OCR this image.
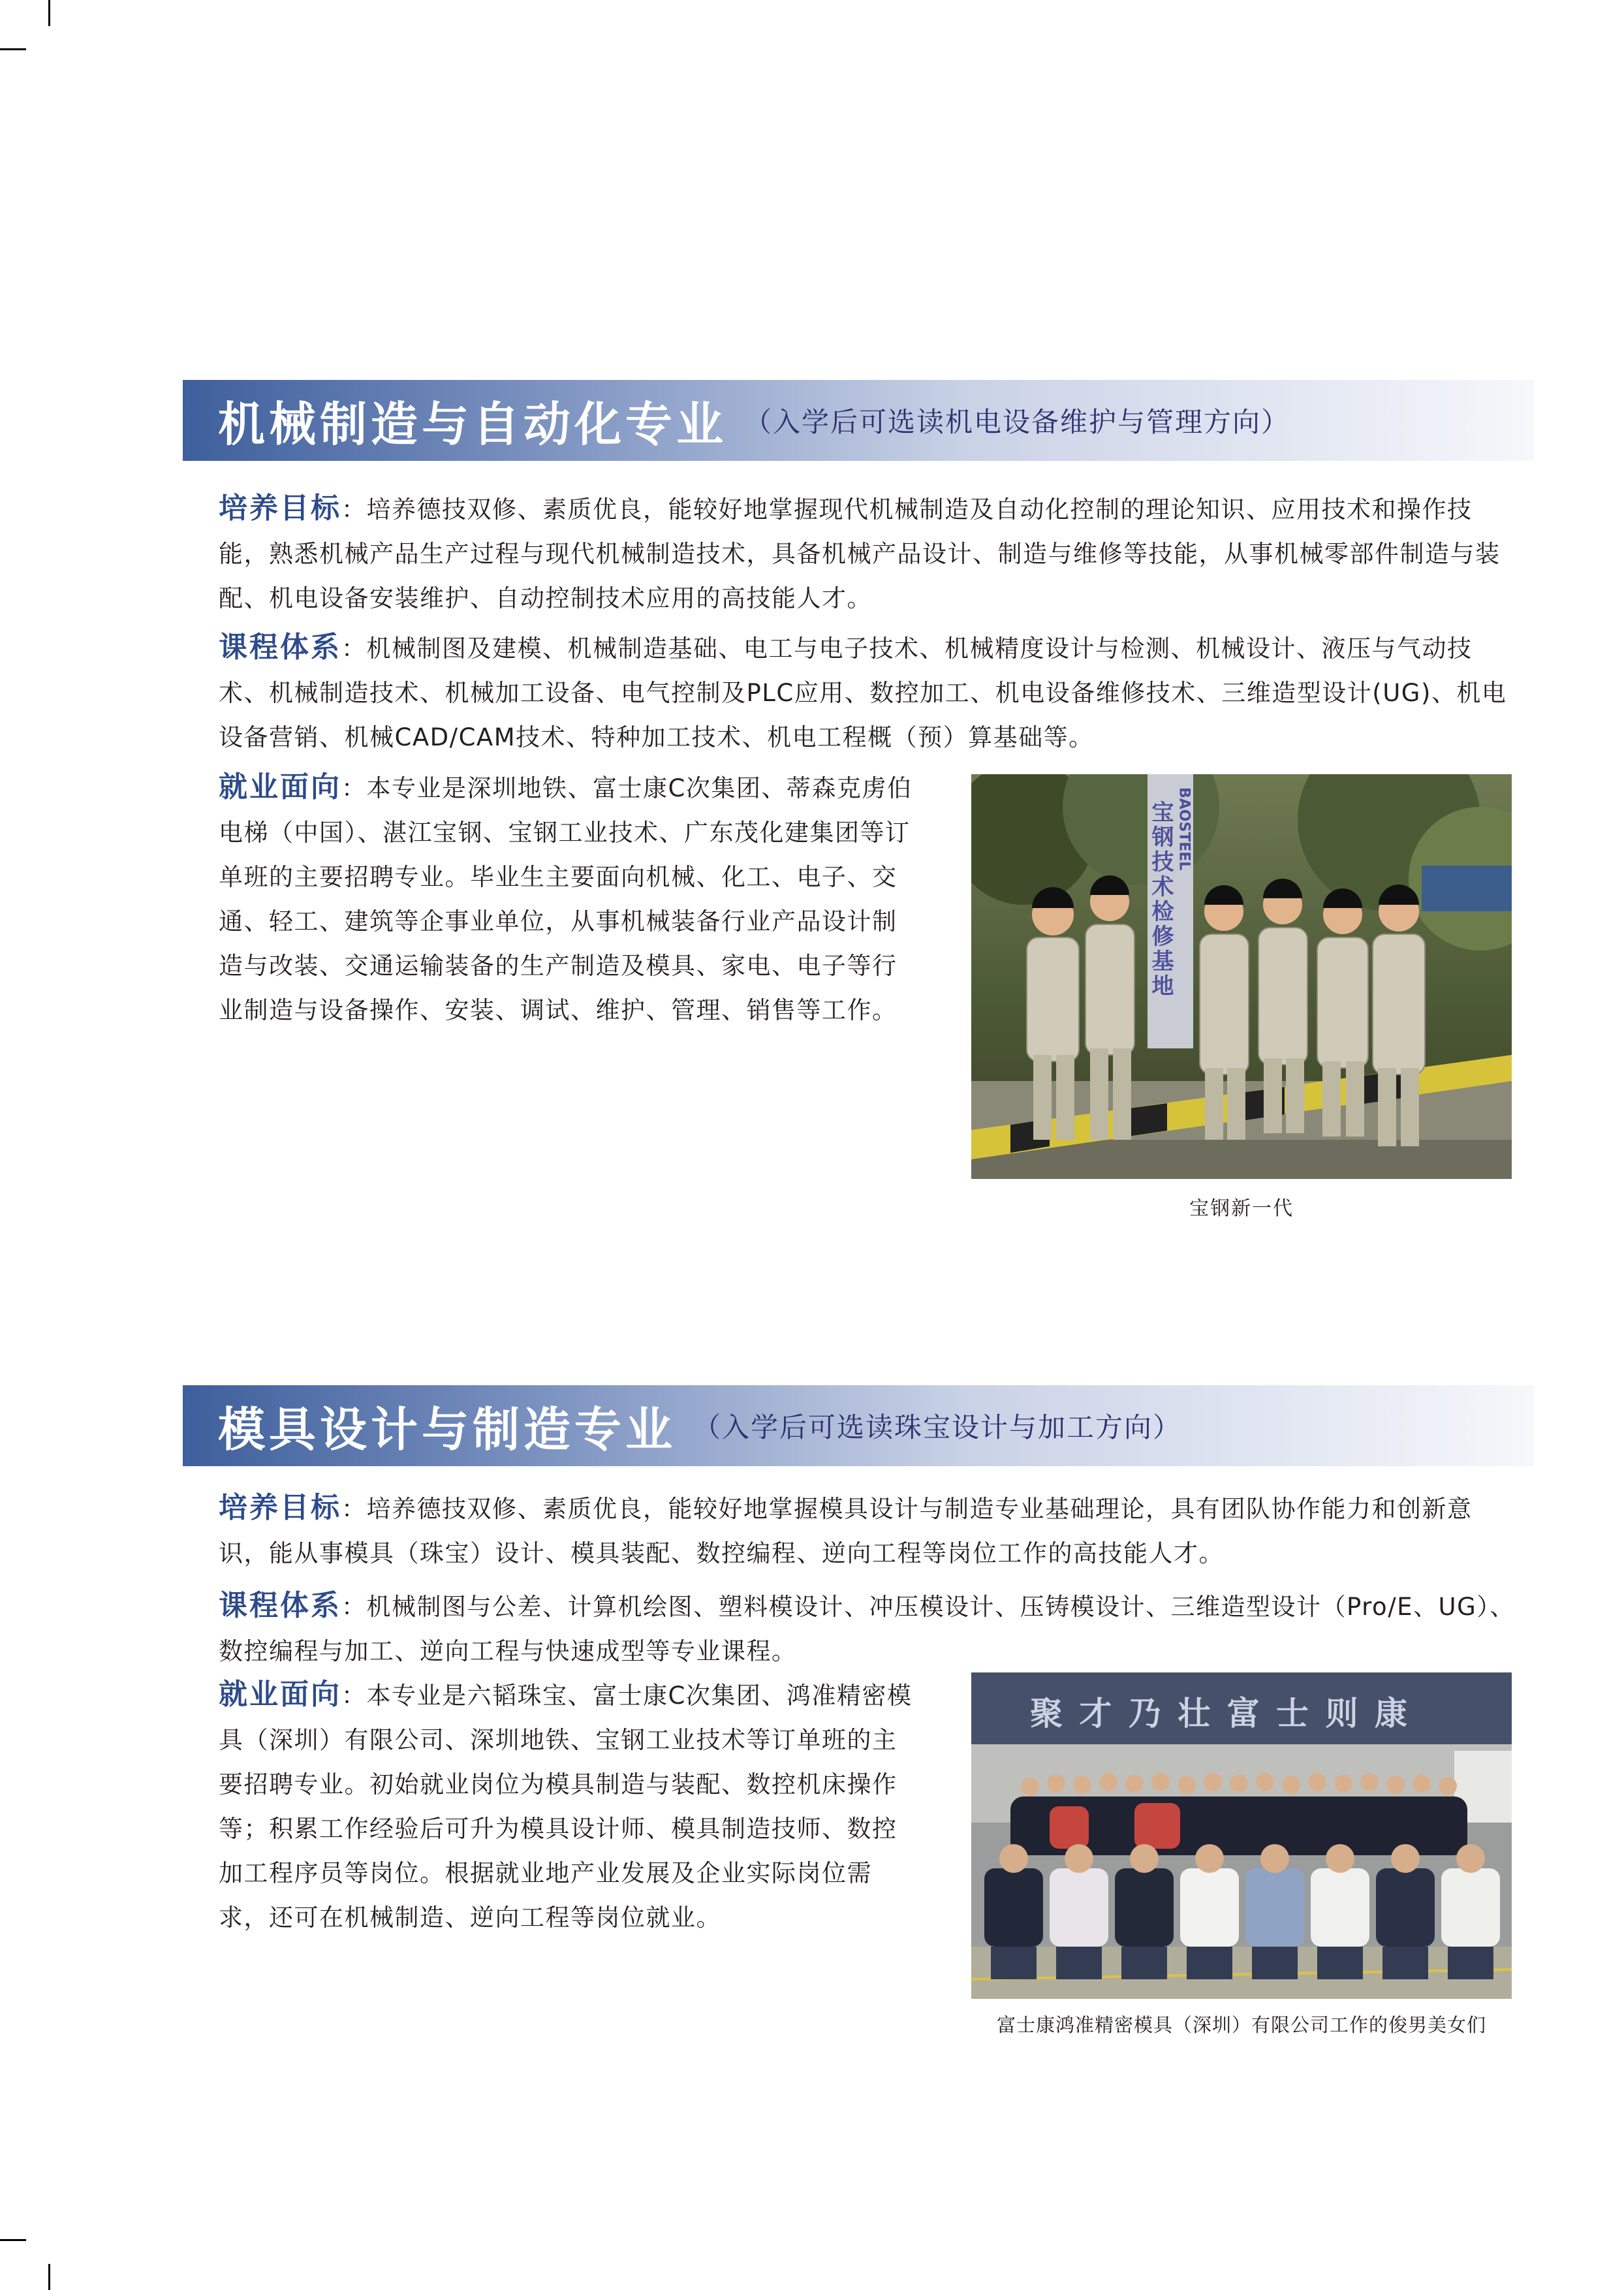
机械制造与自动化专业 （入学后可选读机电设备维护与管理方向）
培养目标：培养德技双修、素质优良，能较好地掌握现代机械制造及自动化控制的理论知识、应用技术和操作技能，熟悉机械产品生产过程与现代机械制造技术，具备机械产品设计、制造与维修等技能，从事机械零部件制造与装配、机电设备安装维护、自动控制技术应用的高技能人才。
课程体系：机械制图及建模、机械制造基础、电工与电子技术、机械精度设计与检测、机械设计、液压与气动技术、机械制造技术、机械加工设备、电气控制及PLC应用、数控加工、机电设备维修技术、三维造型设计(UG)、机电设备营销、机械CAD/CAM技术、特种加工技术、机电工程概（预）算基础等。
就业面向：本专业是深圳地铁、富士康C次集团、蒂森克虏伯电梯（中国）、湛江宝钢、宝钢工业技术、广东茂化建集团等订单班的主要招聘专业。毕业生主要面向机械、化工、电子、交通、轻工、建筑等企事业单位，从事机械装备行业产品设计制造与改装、交通运输装备的生产制造及模具、家电、电子等行业制造与设备操作、安装、调试、维护、管理、销售等工作。
宝钢技术检修基地 BAOSTEEL
宝钢新一代
模具设计与制造专业 （入学后可选读珠宝设计与加工方向）
培养目标：培养德技双修、素质优良，能较好地掌握模具设计与制造专业基础理论，具有团队协作能力和创新意识，能从事模具（珠宝）设计、模具装配、数控编程、逆向工程等岗位工作的高技能人才。
课程体系：机械制图与公差、计算机绘图、塑料模设计、冲压模设计、压铸模设计、三维造型设计（Pro/E、UG）、数控编程与加工、逆向工程与快速成型等专业课程。
就业面向：本专业是六韬珠宝、富士康C次集团、鸿准精密模具（深圳）有限公司、深圳地铁、宝钢工业技术等订单班的主要招聘专业。初始就业岗位为模具制造与装配、数控机床操作等；积累工作经验后可升为模具设计师、模具制造技师、数控加工程序员等岗位。根据就业地产业发展及企业实际岗位需求，还可在机械制造、逆向工程等岗位就业。
聚 才 乃 壮 富 士 则 康
富士康鸿准精密模具（深圳）有限公司工作的俊男美女们
